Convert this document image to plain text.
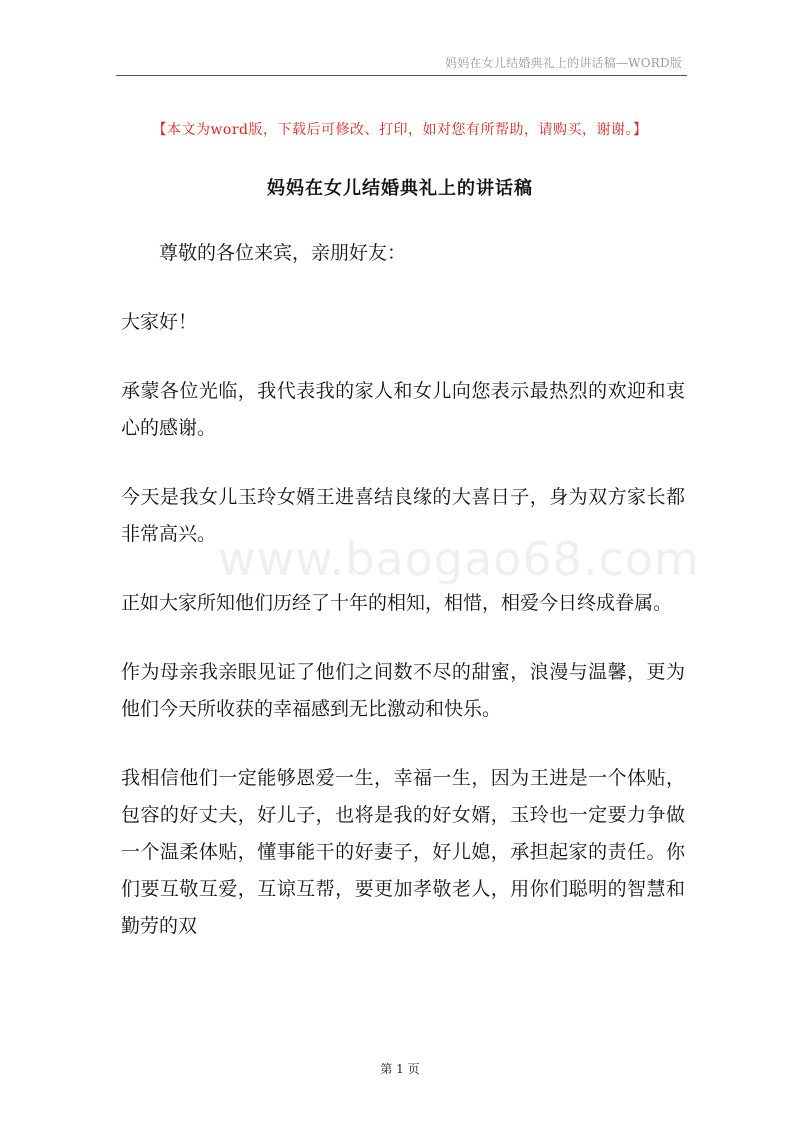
妈妈在女儿结婚典礼上的讲话稿—WORD版
【本文为word版，下载后可修改、打印，如对您有所帮助，请购买，谢谢。】
妈妈在女儿结婚典礼上的讲话稿
www.baogao68.com

尊敬的各位来宾，亲朋好友：

大家好！

承蒙各位光临，我代表我的家人和女儿向您表示最热烈的欢迎和衷心的感谢。

今天是我女儿玉玲女婿王进喜结良缘的大喜日子，身为双方家长都非常高兴。

正如大家所知他们历经了十年的相知，相惜，相爱今日终成眷属。

作为母亲我亲眼见证了他们之间数不尽的甜蜜，浪漫与温馨，更为他们今天所收获的幸福感到无比激动和快乐。

我相信他们一定能够恩爱一生，幸福一生，因为王进是一个体贴，包容的好丈夫，好儿子，也将是我的好女婿，玉玲也一定要力争做一个温柔体贴，懂事能干的好妻子，好儿媳，承担起家的责任。你们要互敬互爱，互谅互帮，要更加孝敬老人，用你们聪明的智慧和勤劳的双

第 1 页
